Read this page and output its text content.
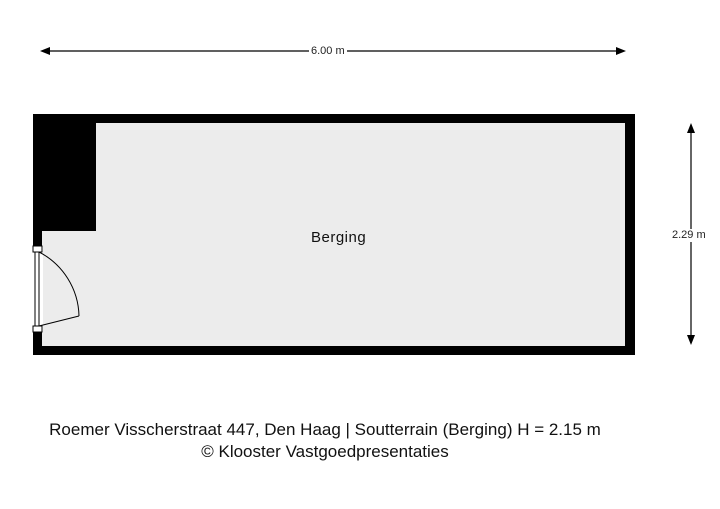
6.00 m
2.29 m
Berging
Roemer Visscherstraat 447, Den Haag | Soutterrain (Berging) H = 2.15 m
© Klooster Vastgoedpresentaties
